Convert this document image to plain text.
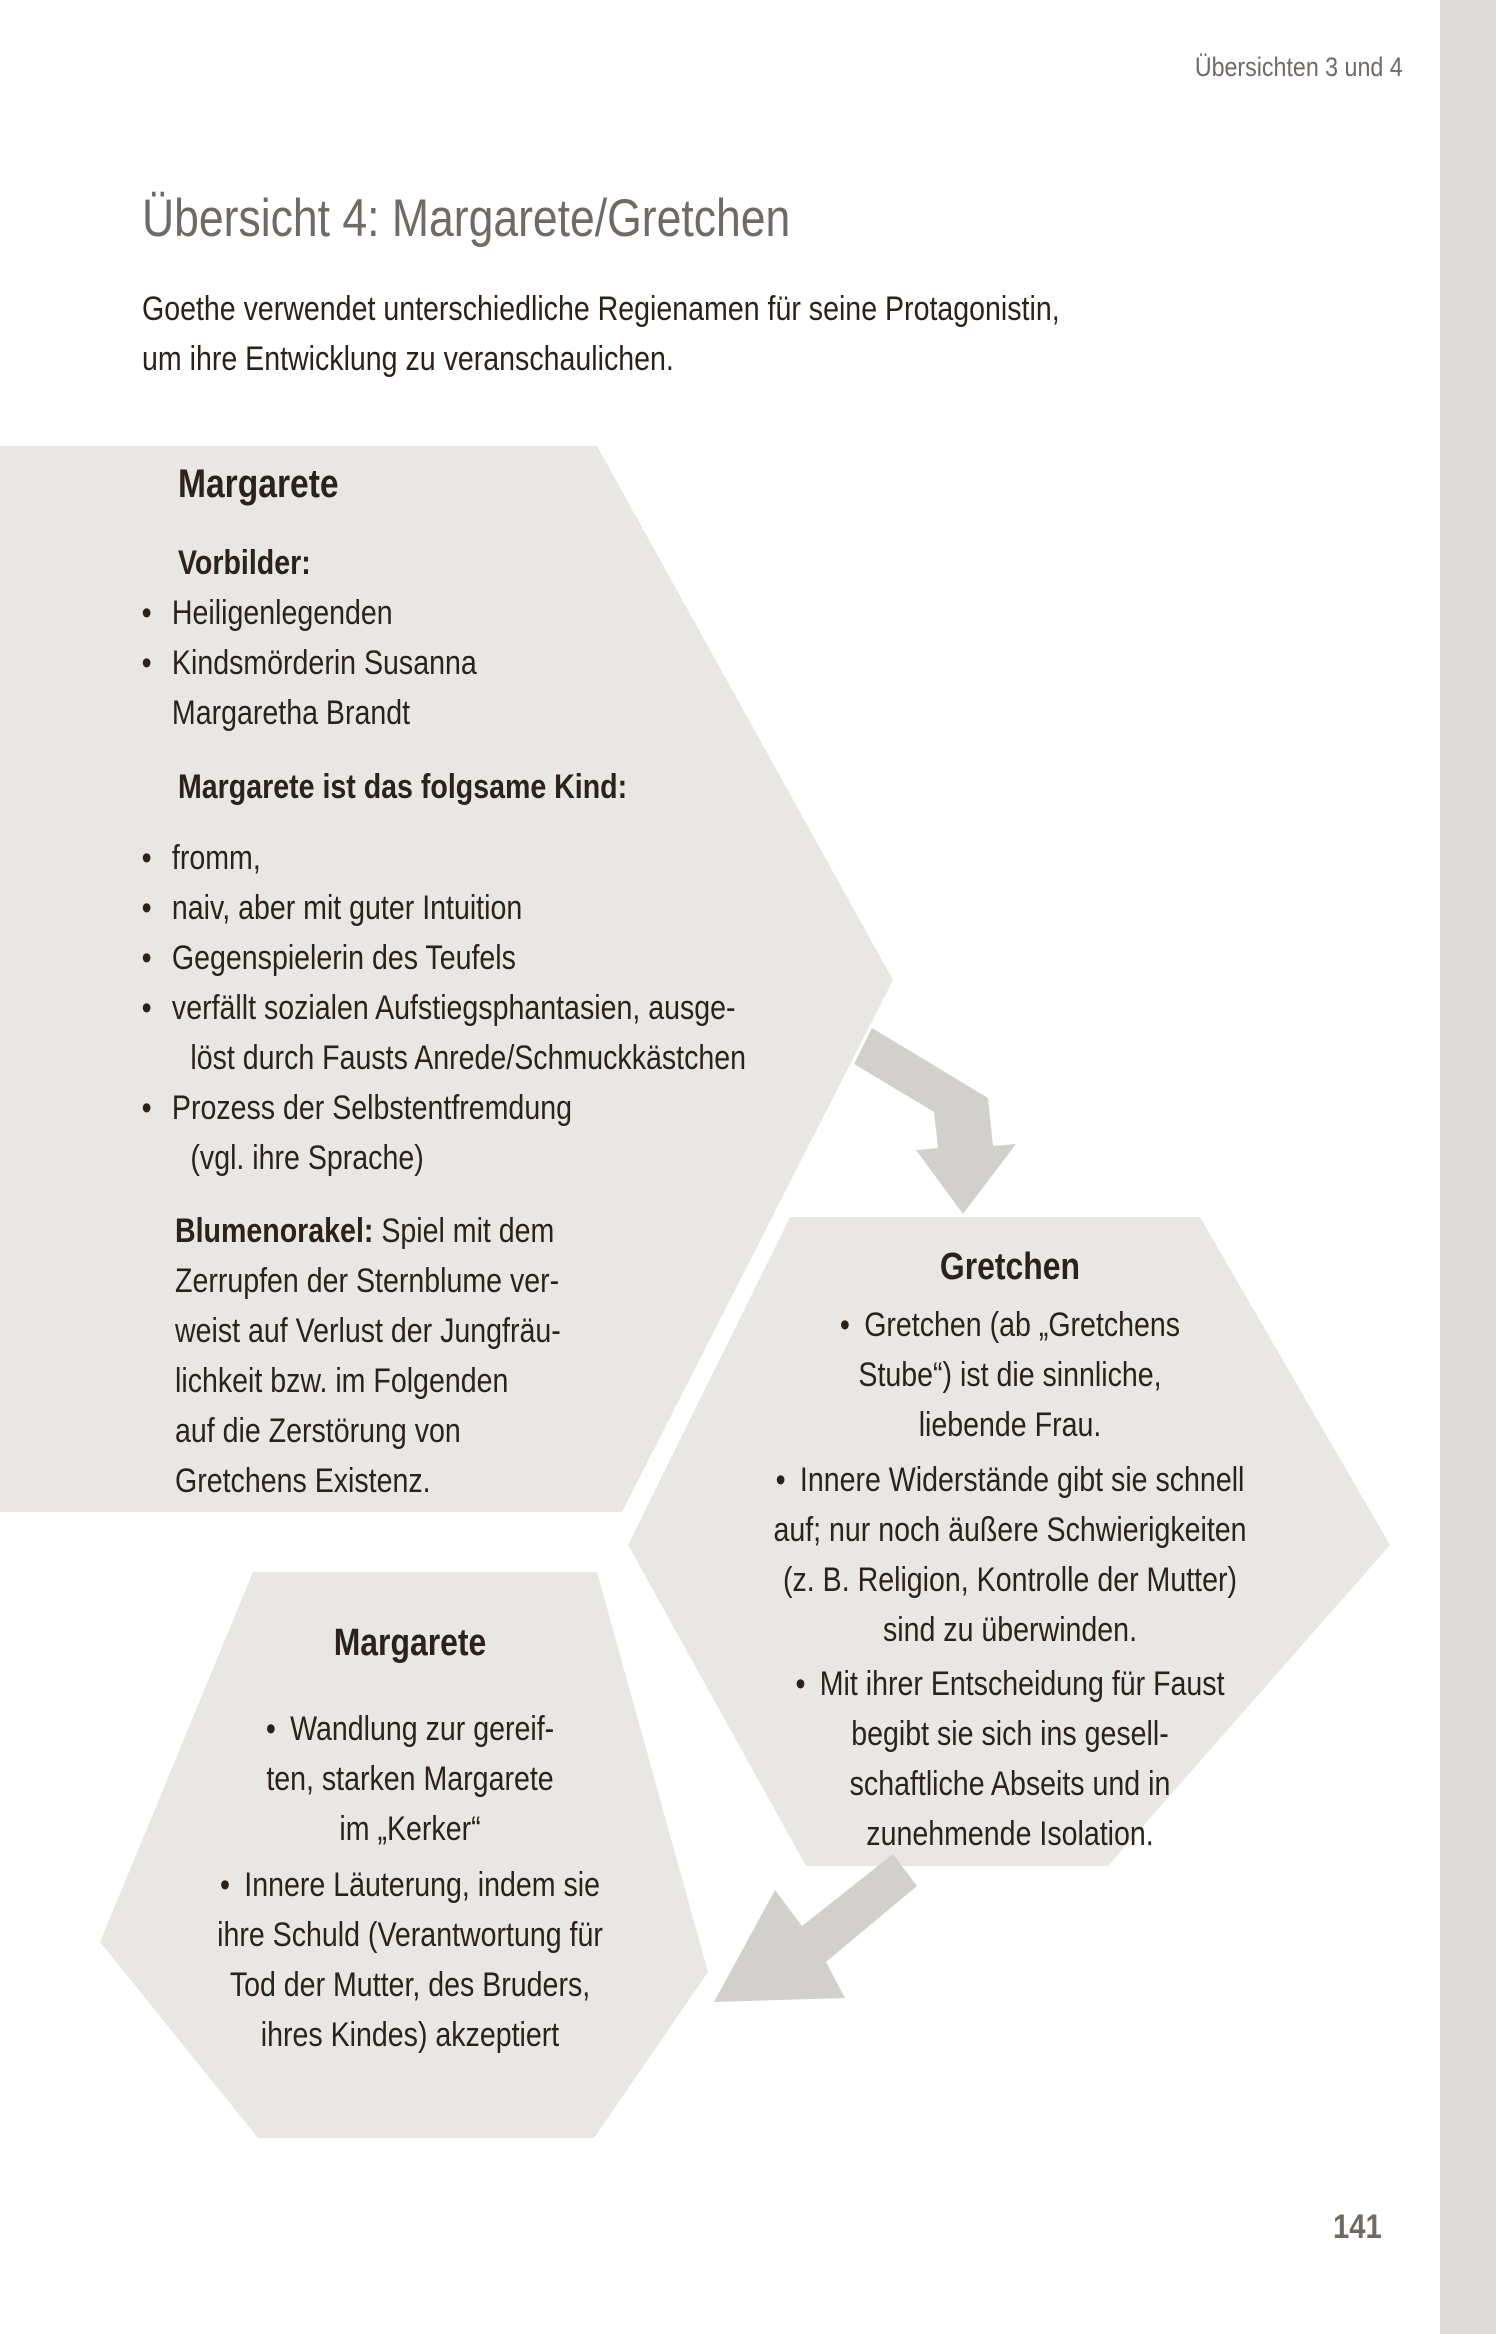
Übersichten 3 und 4
Übersicht 4: Margarete/Gretchen
Goethe verwendet unterschiedliche Regienamen für seine Protagonistin,
um ihre Entwicklung zu veranschaulichen.
Margarete
Vorbilder:
• Heiligenlegenden
• Kindsmörderin Susanna
Margaretha Brandt
Margarete ist das folgsame Kind:
• fromm,
• naiv, aber mit guter Intuition
• Gegenspielerin des Teufels
• verfällt sozialen Aufstiegsphantasien, ausge-
löst durch Fausts Anrede/Schmuckkästchen
• Prozess der Selbstentfremdung
(vgl. ihre Sprache)
Blumenorakel: Spiel mit dem
Zerrupfen der Sternblume ver-
weist auf Verlust der Jungfräu-
lichkeit bzw. im Folgenden
auf die Zerstörung von
Gretchens Existenz.
Gretchen
• Gretchen (ab „Gretchens
Stube“) ist die sinnliche,
liebende Frau.
• Innere Widerstände gibt sie schnell
auf; nur noch äußere Schwierigkeiten
(z. B. Religion, Kontrolle der Mutter)
sind zu überwinden.
• Mit ihrer Entscheidung für Faust
begibt sie sich ins gesell-
schaftliche Abseits und in
zunehmende Isolation.
Margarete
• Wandlung zur gereif-
ten, starken Margarete
im „Kerker“
• Innere Läuterung, indem sie
ihre Schuld (Verantwortung für
Tod der Mutter, des Bruders,
ihres Kindes) akzeptiert
141
